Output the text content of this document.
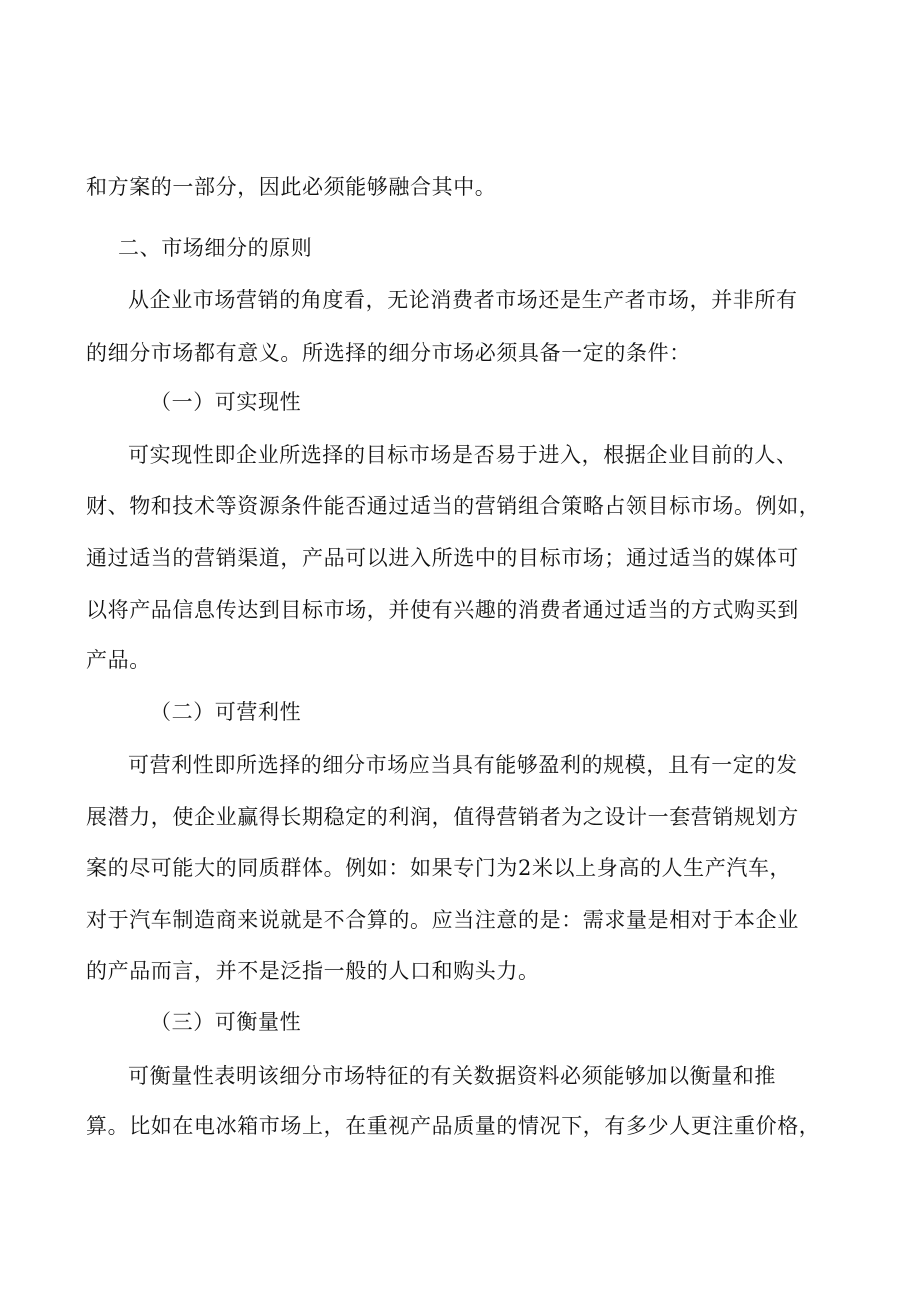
和方案的一部分，因此必须能够融合其中。
二、市场细分的原则
从企业市场营销的角度看，无论消费者市场还是生产者市场，并非所有
的细分市场都有意义。所选择的细分市场必须具备一定的条件：
（一）可实现性
可实现性即企业所选择的目标市场是否易于进入，根据企业目前的人、
财、物和技术等资源条件能否通过适当的营销组合策略占领目标市场。例如，
通过适当的营销渠道，产品可以进入所选中的目标市场；通过适当的媒体可
以将产品信息传达到目标市场，并使有兴趣的消费者通过适当的方式购买到
产品。
（二）可营利性
可营利性即所选择的细分市场应当具有能够盈利的规模，且有一定的发
展潜力，使企业赢得长期稳定的利润，值得营销者为之设计一套营销规划方
案的尽可能大的同质群体。例如：如果专门为2米以上身高的人生产汽车，
对于汽车制造商来说就是不合算的。应当注意的是：需求量是相对于本企业
的产品而言，并不是泛指一般的人口和购头力。
（三）可衡量性
可衡量性表明该细分市场特征的有关数据资料必须能够加以衡量和推
算。比如在电冰箱市场上，在重视产品质量的情况下，有多少人更注重价格，
